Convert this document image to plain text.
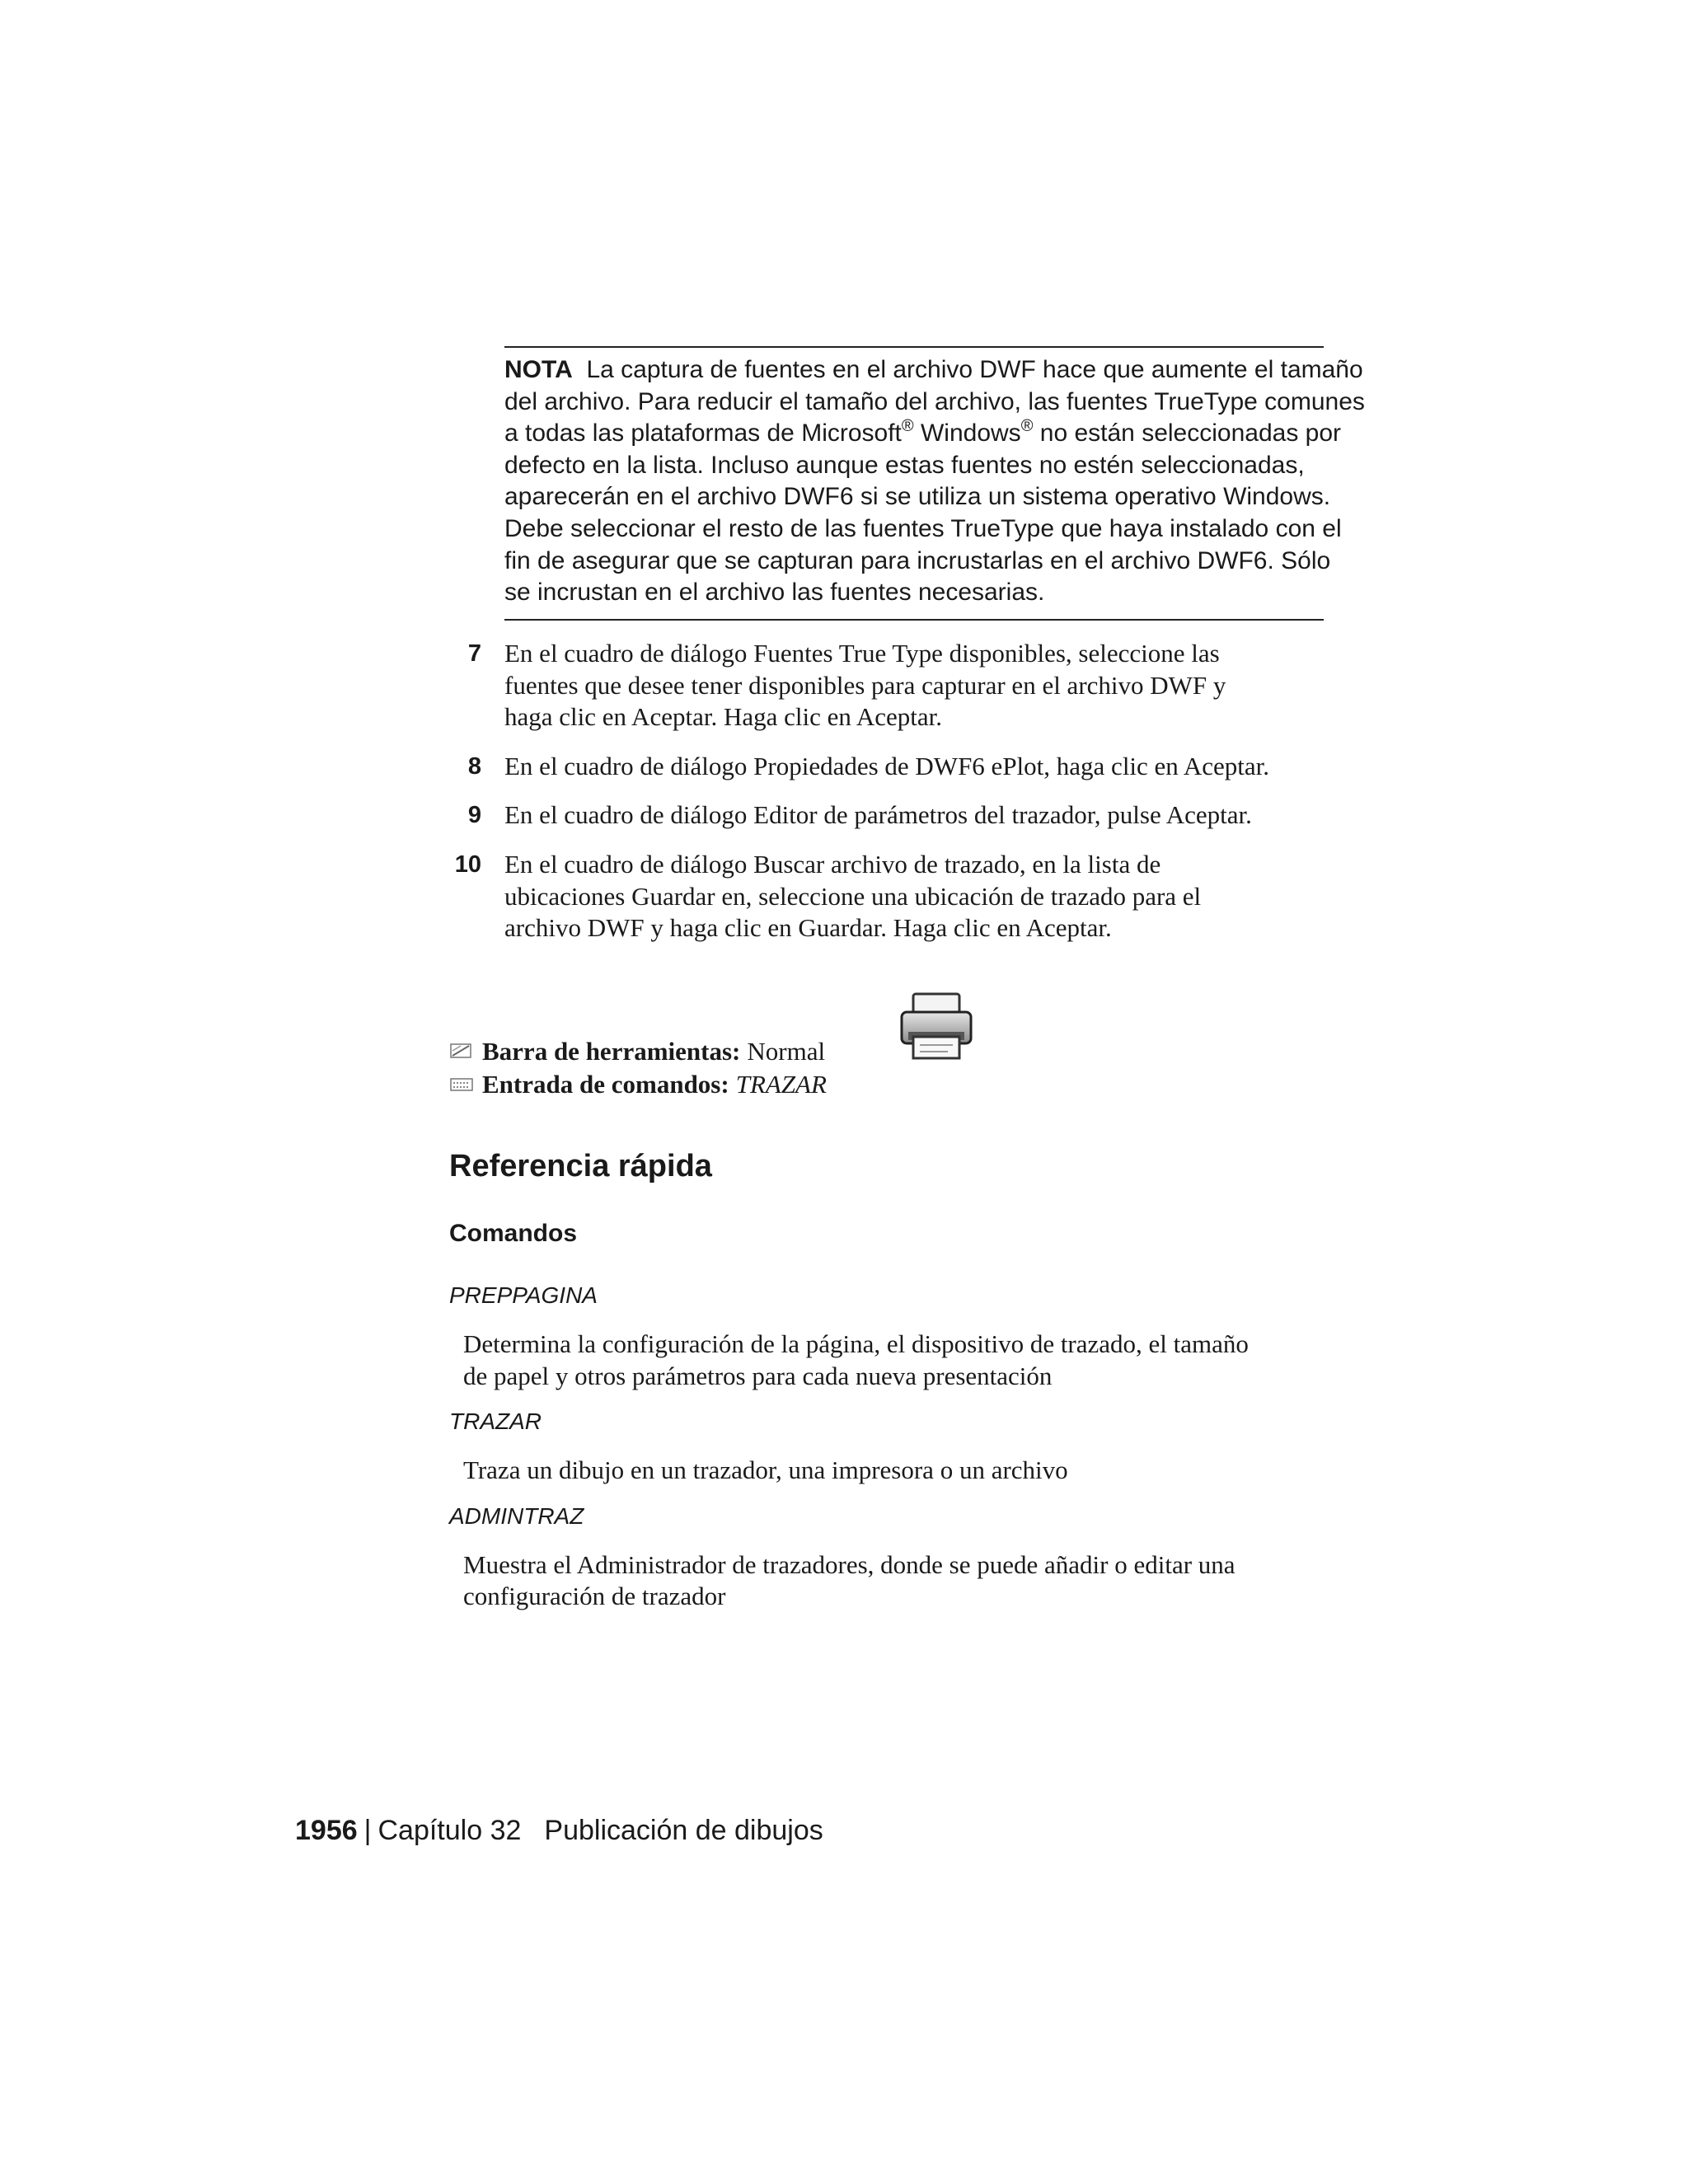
NOTA La captura de fuentes en el archivo DWF hace que aumente el tamaño
del archivo. Para reducir el tamaño del archivo, las fuentes TrueType comunes
a todas las plataformas de Microsoft® Windows® no están seleccionadas por
defecto en la lista. Incluso aunque estas fuentes no estén seleccionadas,
aparecerán en el archivo DWF6 si se utiliza un sistema operativo Windows.
Debe seleccionar el resto de las fuentes TrueType que haya instalado con el
fin de asegurar que se capturan para incrustarlas en el archivo DWF6. Sólo
se incrustan en el archivo las fuentes necesarias.
7 En el cuadro de diálogo Fuentes True Type disponibles, seleccione las
fuentes que desee tener disponibles para capturar en el archivo DWF y
haga clic en Aceptar. Haga clic en Aceptar.
8 En el cuadro de diálogo Propiedades de DWF6 ePlot, haga clic en Aceptar.
9 En el cuadro de diálogo Editor de parámetros del trazador, pulse Aceptar.
10 En el cuadro de diálogo Buscar archivo de trazado, en la lista de
ubicaciones Guardar en, seleccione una ubicación de trazado para el
archivo DWF y haga clic en Guardar. Haga clic en Aceptar.
Barra de herramientas: Normal
Entrada de comandos: TRAZAR
Referencia rápida
Comandos

PREPPAGINA

Determina la configuración de la página, el dispositivo de trazado, el tamaño
de papel y otros parámetros para cada nueva presentación

TRAZAR

Traza un dibujo en un trazador, una impresora o un archivo

ADMINTRAZ

Muestra el Administrador de trazadores, donde se puede añadir o editar una
configuración de trazador
1956 | Capítulo 32 Publicación de dibujos
